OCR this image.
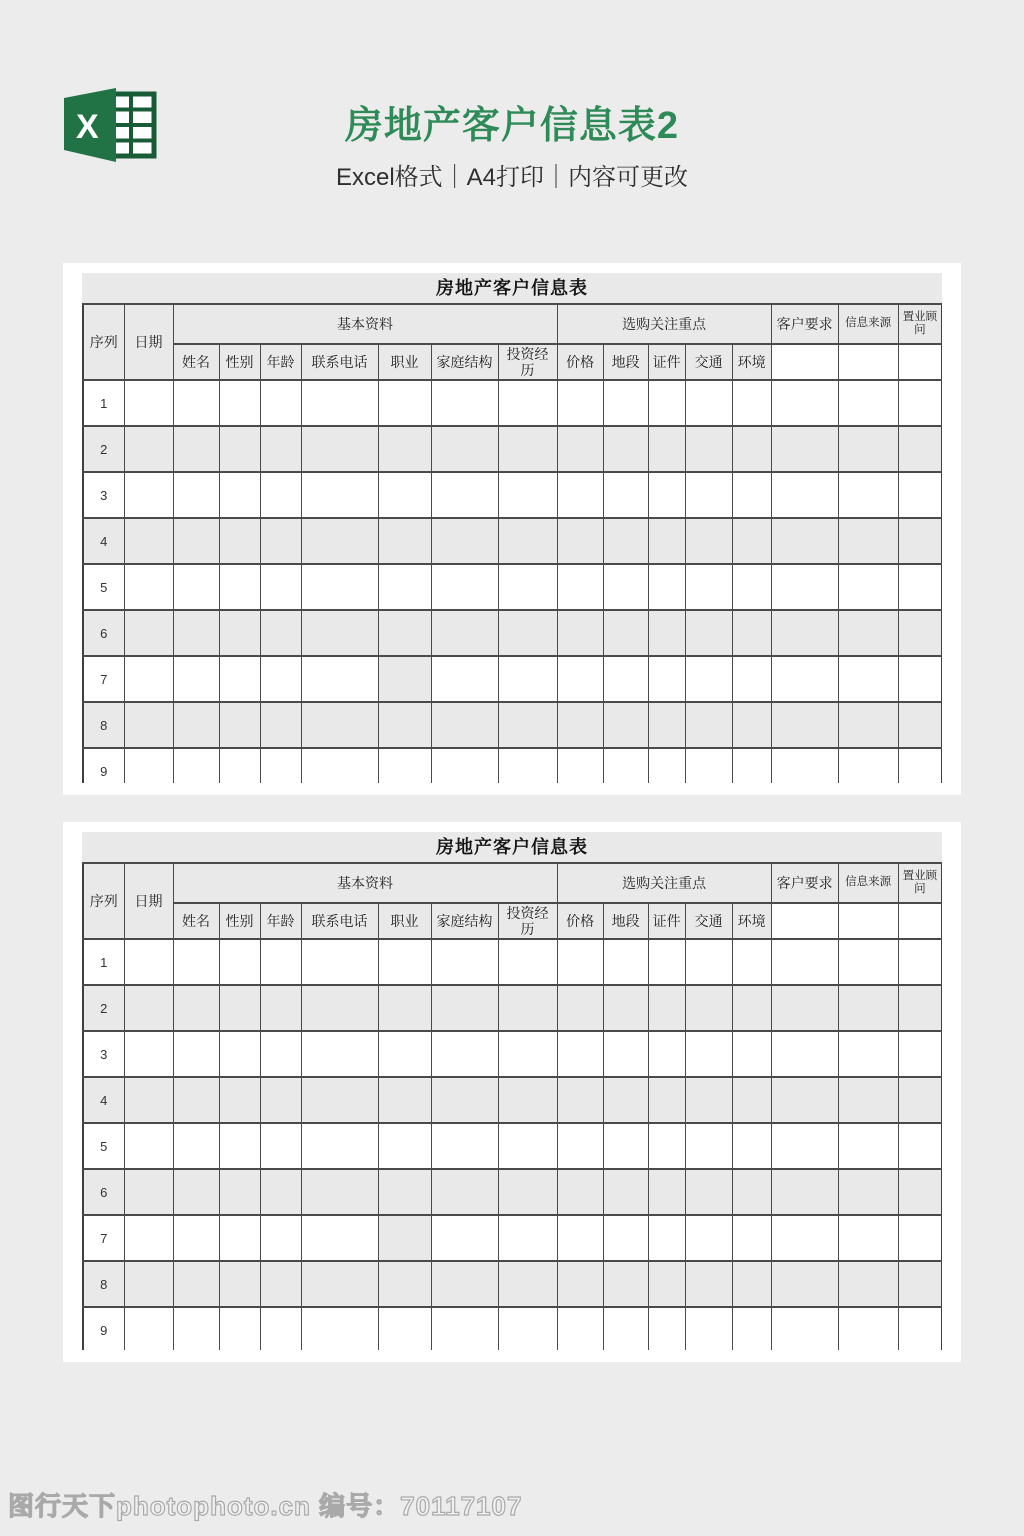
X	房地产客户信息表2

Excel格式｜A4打印｜内容可更改

房地产客户信息表
序列	日期	基本资料							选购关注重点					客户要求	信息来源	置业顾问
		姓名	性别	年龄	联系电话	职业	家庭结构	投资经历	价格	地段	证件	交通	环境			
1																
2																
3																
4																
5																
6																
7																
8																
9																
房地产客户信息表
序列	日期	基本资料							选购关注重点					客户要求	信息来源	置业顾问
		姓名	性别	年龄	联系电话	职业	家庭结构	投资经历	价格	地段	证件	交通	环境			
1																
2																
3																
4																
5																
6																
7																
8																
9																
图行天下photophoto.cn 编号：70117107
